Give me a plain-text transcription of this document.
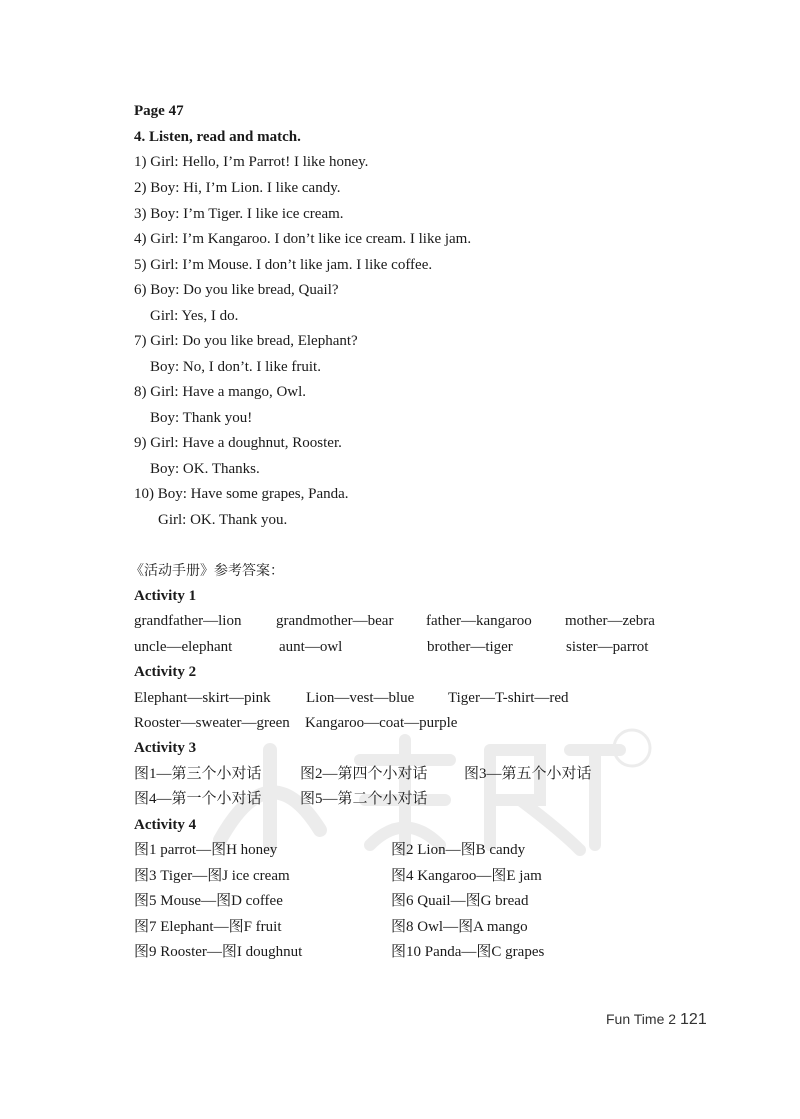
Page 47
4. Listen, read and match.
1) Girl: Hello, I’m Parrot! I like honey.
2) Boy: Hi, I’m Lion. I like candy.
3) Boy: I’m Tiger. I like ice cream.
4) Girl: I’m Kangaroo. I don’t like ice cream. I like jam.
5) Girl: I’m Mouse. I don’t like jam. I like coffee.
6) Boy: Do you like bread, Quail?
Girl: Yes, I do.
7) Girl: Do you like bread, Elephant?
Boy: No, I don’t. I like fruit.
8) Girl: Have a mango, Owl.
Boy: Thank you!
9) Girl: Have a doughnut, Rooster.
Boy: OK. Thanks.
10) Boy: Have some grapes, Panda.
Girl: OK. Thank you.
《活动手册》参考答案：
Activity 1
grandfather—lion grandmother—bear father—kangaroo mother—zebra
uncle—elephant	aunt—owl	brother—tiger	sister—parrot
Activity 2
Elephant—skirt—pink Lion—vest—blue Tiger—T-shirt—red
Rooster—sweater—green Kangaroo—coat—purple
Activity 3
图1—第三个小对话	图2—第四个小对话 图3—第五个小对话
图4—第一个小对话	图5—第二个小对话
Activity 4
图1 parrot—图H honey	图2 Lion—图B candy
图3 Tiger—图J ice cream	图4 Kangaroo—图E jam
图5 Mouse—图D coffee	图6 Quail—图G bread
图7 Elephant—图F fruit	图8 Owl—图A mango
图9 Rooster—图I doughnut	图10 Panda—图C grapes
Fun Time 2 121
